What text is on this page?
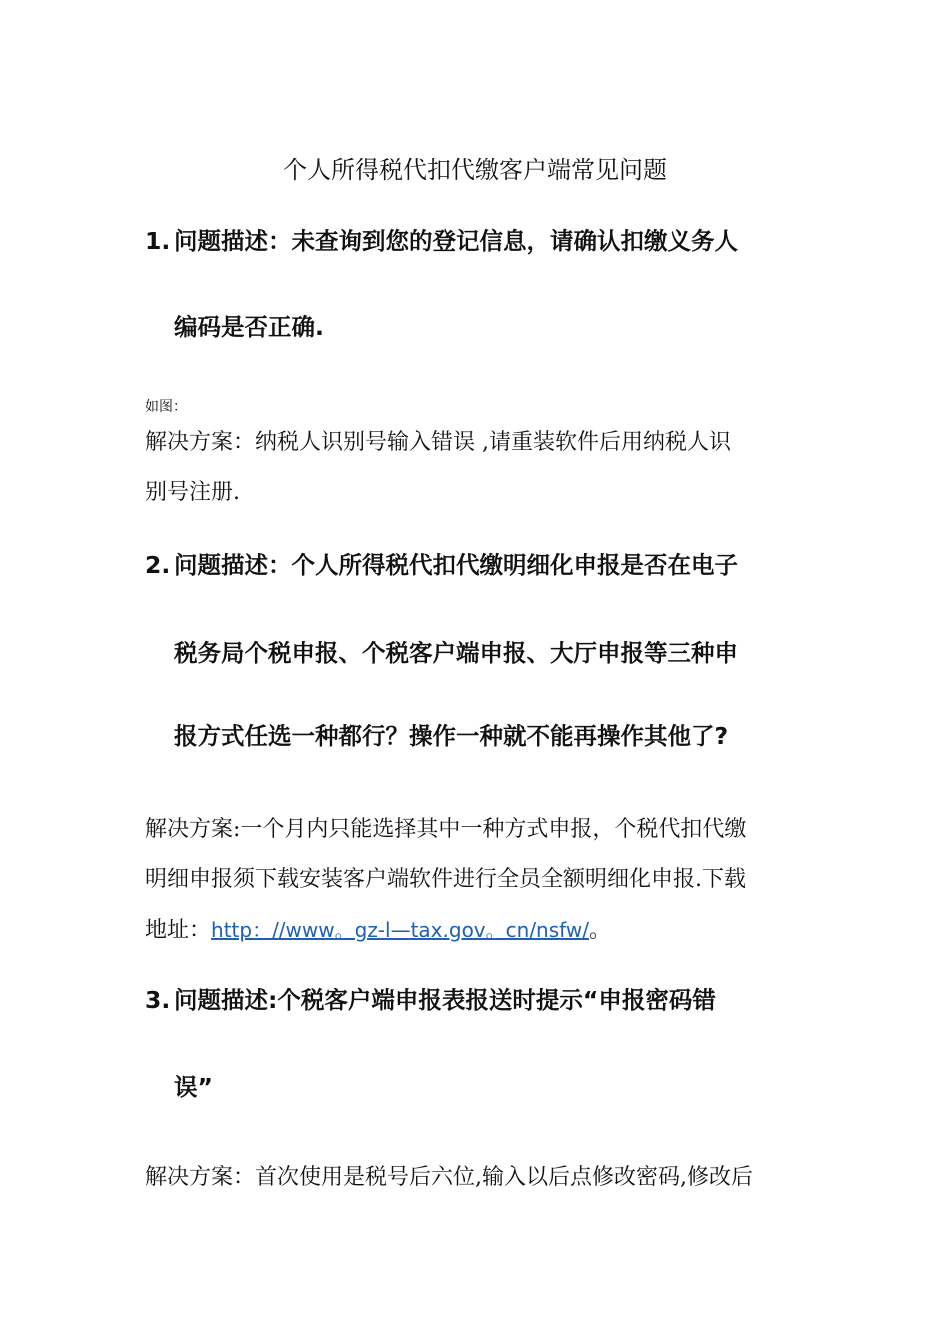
个人所得税代扣代缴客户端常见问题
1. 问题描述：未查询到您的登记信息，请确认扣缴义务人
编码是否正确.
如图：
解决方案：纳税人识别号输入错误 ,请重装软件后用纳税人识
别号注册.
2. 问题描述：个人所得税代扣代缴明细化申报是否在电子
税务局个税申报、个税客户端申报、大厅申报等三种申
报方式任选一种都行？操作一种就不能再操作其他了?
解决方案:一个月内只能选择其中一种方式申报，个税代扣代缴
明细申报须下载安装客户端软件进行全员全额明细化申报.下载
地址：http：//www。gz-l—tax.gov。cn/nsfw/。
3. 问题描述:个税客户端申报表报送时提示“申报密码错
误”
解决方案：首次使用是税号后六位,输入以后点修改密码,修改后
